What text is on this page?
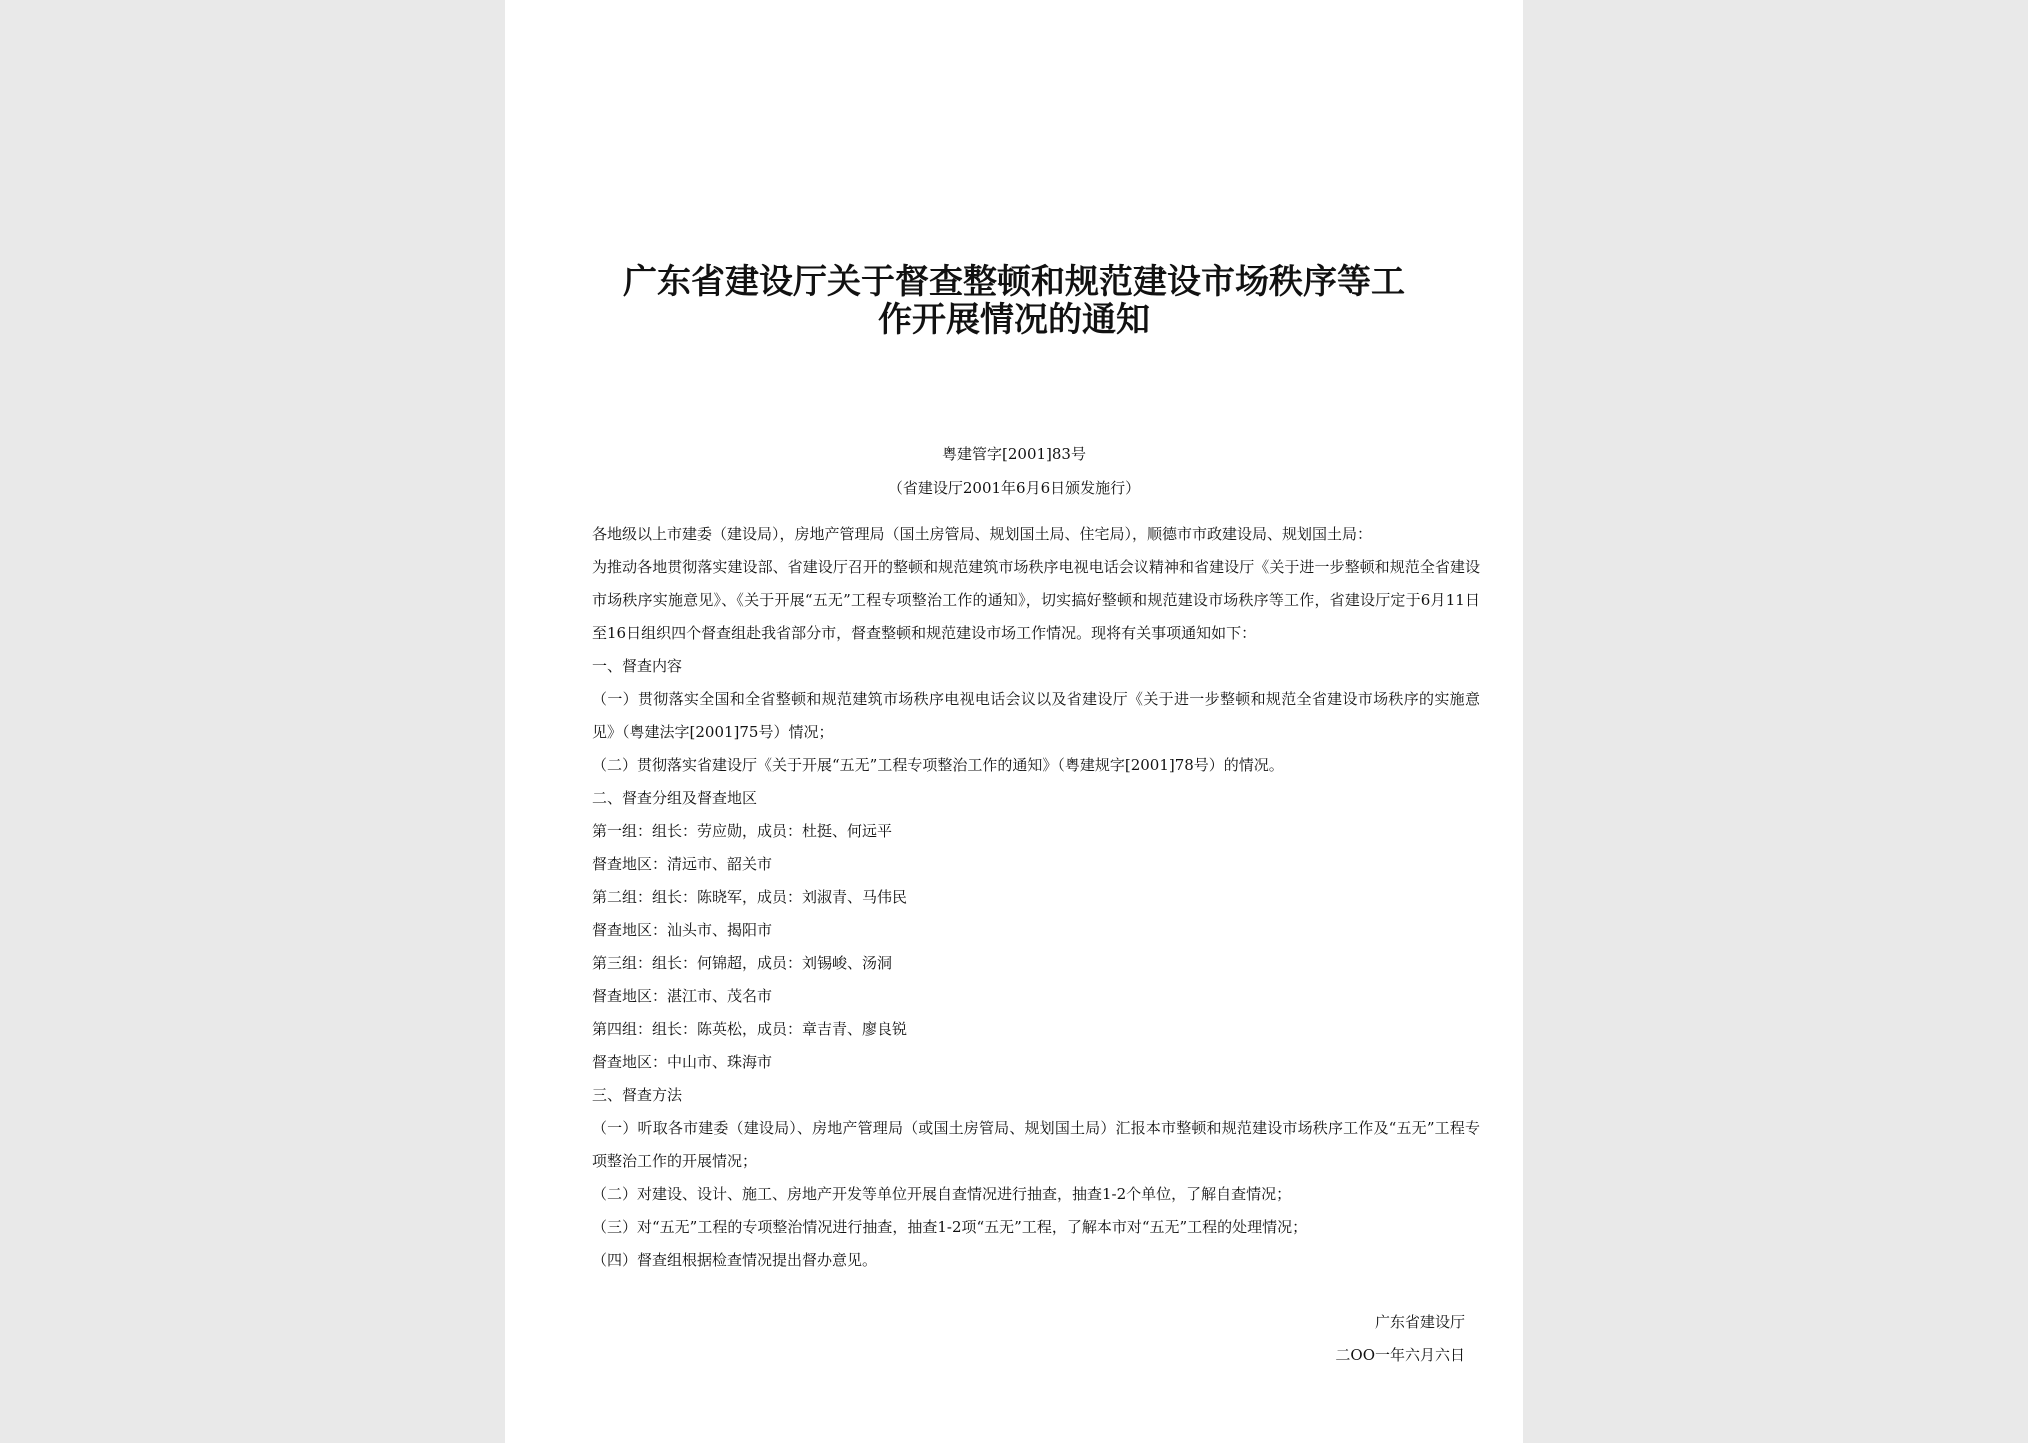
广东省建设厅关于督查整顿和规范建设市场秩序等工
作开展情况的通知
粤建管字[2001]83号
（省建设厅2001年6月6日颁发施行）

各地级以上市建委（建设局），房地产管理局（国土房管局、规划国土局、住宅局），顺德市市政建设局、规划国土局：

为推动各地贯彻落实建设部、省建设厅召开的整顿和规范建筑市场秩序电视电话会议精神和省建设厅《关于进一步整顿和规范全省建设市场秩序实施意见》、《关于开展“五无”工程专项整治工作的通知》，切实搞好整顿和规范建设市场秩序等工作，省建设厅定于6月11日至16日组织四个督查组赴我省部分市，督查整顿和规范建设市场工作情况。现将有关事项通知如下：

一、督查内容

（一）贯彻落实全国和全省整顿和规范建筑市场秩序电视电话会议以及省建设厅《关于进一步整顿和规范全省建设市场秩序的实施意见》（粤建法字[2001]75号）情况；

（二）贯彻落实省建设厅《关于开展“五无”工程专项整治工作的通知》（粤建规字[2001]78号）的情况。

二、督查分组及督查地区

第一组：组长：劳应勋，成员：杜挺、何远平

督查地区：清远市、韶关市

第二组：组长：陈晓军，成员：刘淑青、马伟民

督查地区：汕头市、揭阳市

第三组：组长：何锦超，成员：刘锡峻、汤洞

督查地区：湛江市、茂名市

第四组：组长：陈英松，成员：章吉青、廖良锐

督查地区：中山市、珠海市

三、督查方法

（一）听取各市建委（建设局）、房地产管理局（或国土房管局、规划国土局）汇报本市整顿和规范建设市场秩序工作及“五无”工程专项整治工作的开展情况；

（二）对建设、设计、施工、房地产开发等单位开展自查情况进行抽查，抽查1-2个单位，了解自查情况；

（三）对“五无”工程的专项整治情况进行抽查，抽查1-2项“五无”工程，了解本市对“五无”工程的处理情况；

（四）督查组根据检查情况提出督办意见。

广东省建设厅
二OO一年六月六日
